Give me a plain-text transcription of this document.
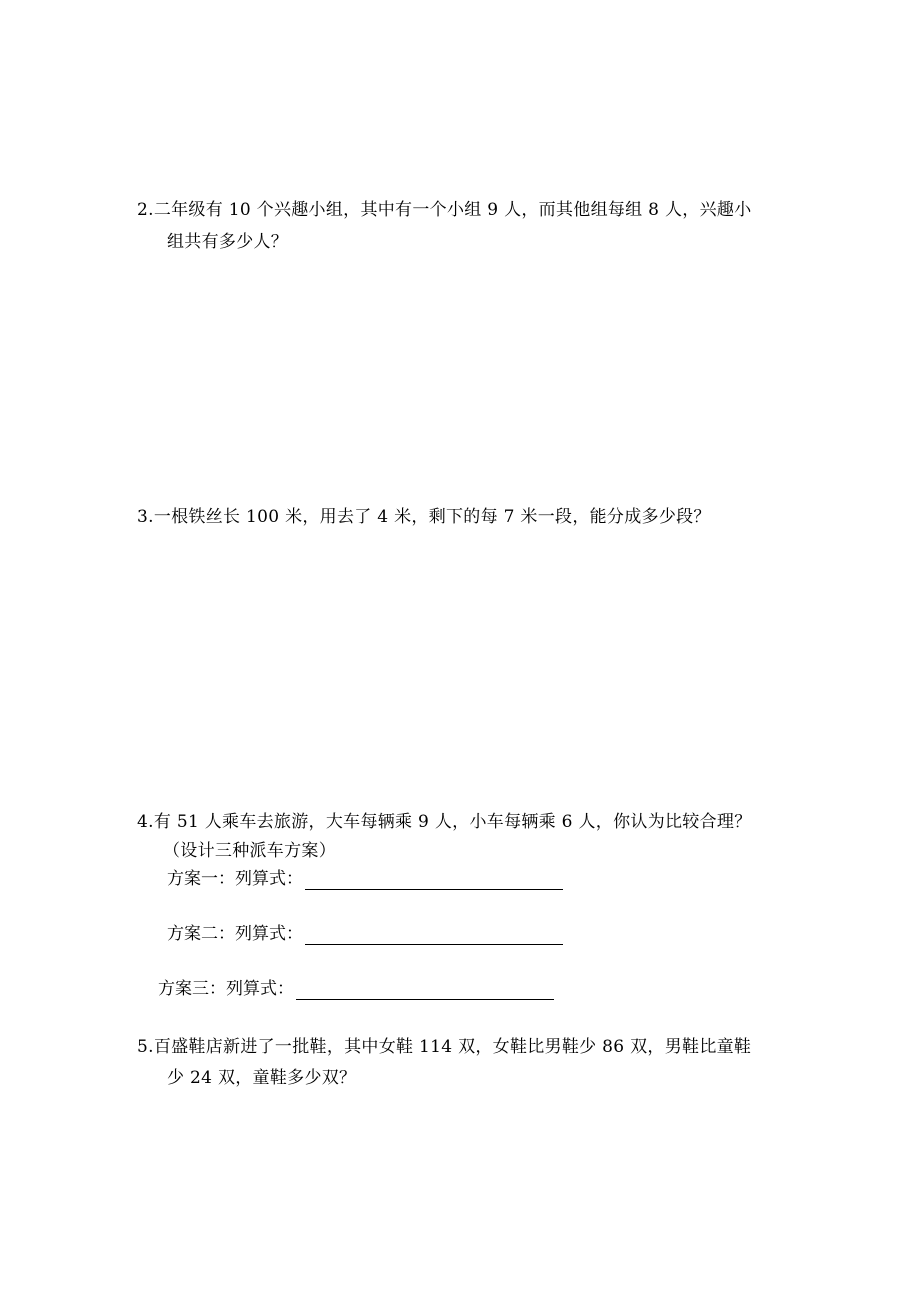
2.二年级有 10 个兴趣小组，其中有一个小组 9 人，而其他组每组 8 人，兴趣小
组共有多少人？
3.一根铁丝长 100 米，用去了 4 米，剩下的每 7 米一段，能分成多少段？
4.有 51 人乘车去旅游，大车每辆乘 9 人，小车每辆乘 6 人，你认为比较合理？
（设计三种派车方案）
方案一：列算式：
方案二：列算式：
方案三：列算式：
5.百盛鞋店新进了一批鞋，其中女鞋 114 双，女鞋比男鞋少 86 双，男鞋比童鞋
少 24 双，童鞋多少双？
